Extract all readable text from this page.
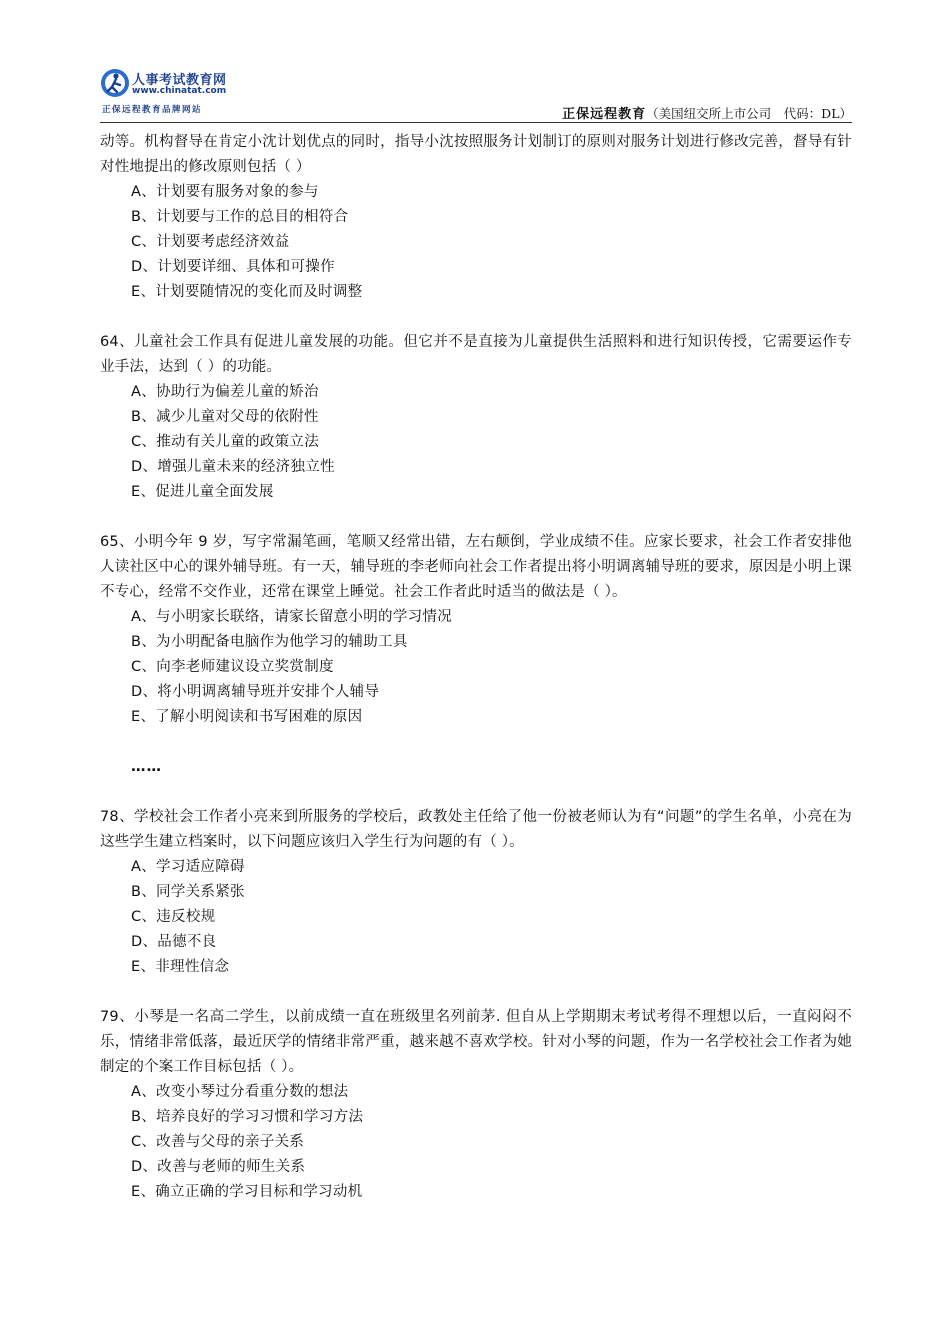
人事考试教育网
www.chinatat.com
正保远程教育品牌网站	正保远程教育（美国纽交所上市公司　代码：DL）

动等。机构督导在肯定小沈计划优点的同时，指导小沈按照服务计划制订的原则对服务计划进行修改完善，督导有针对性地提出的修改原则包括（ ）

A、计划要有服务对象的参与
B、计划要与工作的总目的相符合
C、计划要考虑经济效益
D、计划要详细、具体和可操作
E、计划要随情况的变化而及时调整

64、儿童社会工作具有促进儿童发展的功能。但它并不是直接为儿童提供生活照料和进行知识传授，它需要运作专业手法，达到（ ）的功能。

A、协助行为偏差儿童的矫治
B、减少儿童对父母的依附性
C、推动有关儿童的政策立法
D、增强儿童未来的经济独立性
E、促进儿童全面发展

65、小明今年 9 岁，写字常漏笔画，笔顺又经常出错，左右颠倒，学业成绩不佳。应家长要求，社会工作者安排他人读社区中心的课外辅导班。有一天，辅导班的李老师向社会工作者提出将小明调离辅导班的要求，原因是小明上课不专心，经常不交作业，还常在课堂上睡觉。社会工作者此时适当的做法是（ ）。

A、与小明家长联络，请家长留意小明的学习情况
B、为小明配备电脑作为他学习的辅助工具
C、向李老师建议设立奖赏制度
D、将小明调离辅导班并安排个人辅导
E、了解小明阅读和书写困难的原因
……

78、学校社会工作者小亮来到所服务的学校后，政教处主任给了他一份被老师认为有“问题”的学生名单，小亮在为这些学生建立档案时，以下问题应该归入学生行为问题的有（ ）。

A、学习适应障碍
B、同学关系紧张
C、违反校规
D、品德不良
E、非理性信念

79、小琴是一名高二学生，以前成绩一直在班级里名列前茅. 但自从上学期期末考试考得不理想以后，一直闷闷不乐，情绪非常低落，最近厌学的情绪非常严重，越来越不喜欢学校。针对小琴的问题，作为一名学校社会工作者为她制定的个案工作目标包括（ ）。

A、改变小琴过分看重分数的想法
B、培养良好的学习习惯和学习方法
C、改善与父母的亲子关系
D、改善与老师的师生关系
E、确立正确的学习目标和学习动机
